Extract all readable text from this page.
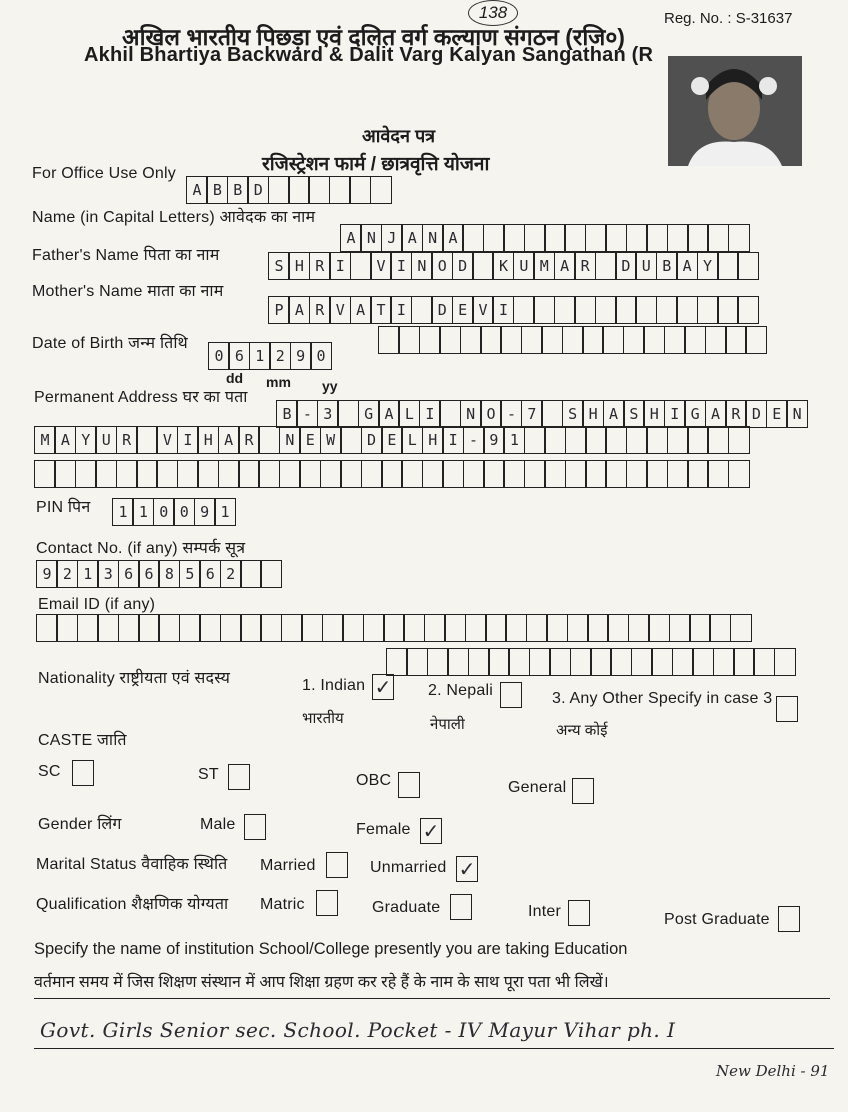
138	Reg. No. : S-31637
अखिल भारतीय पिछड़ा एवं दलित वर्ग कल्याण संगठन (रजि०)
Akhil Bhartiya Backward & Dalit Varg Kalyan Sangathan (R
आवेदन पत्र
रजिस्ट्रेशन फार्म / छात्रवृत्ति योजना
For Office Use Only
A B B D
Name (in Capital Letters) आवेदक का नाम
A N J A N A
Father's Name पिता का नाम
S H R I	V I N O D	K U M A R	D U B A Y
Mother's Name माता का नाम
P A R V A T I	D E V I
Date of Birth जन्म तिथि
0 6 1 2 9 0
dd mm yy
Permanent Address घर का पता
B - 3	G A L I	N O - 7	S H A S H I G A R D E N
M A Y U R	V I H A R	N E W	D E L H I - 9 1
PIN पिन	1 1 0 0 9 1
Contact No. (if any) सम्पर्क सूत्र
9 2 1 3 6 6 8 5 6 2
Email ID (if any)
Nationality राष्ट्रीयता एवं सदस्य	1. Indian ✓
भारतीय
2. Nepali
नेपाली
3. Any Other Specify in case 3
अन्य कोई
CASTE जाति
SC	ST	OBC	General
Gender लिंग	Male	Female ✓
Marital Status वैवाहिक स्थिति Married	Unmarried ✓
Qualification शैक्षणिक योग्यता Matric	Graduate	Inter	Post Graduate
Specify the name of institution School/College presently you are taking Education
वर्तमान समय में जिस शिक्षण संस्थान में आप शिक्षा ग्रहण कर रहे हैं के नाम के साथ पूरा पता भी लिखें।
Govt. Girls Senior sec. School. Pocket - IV Mayur Vihar ph. I
New Delhi - 91
